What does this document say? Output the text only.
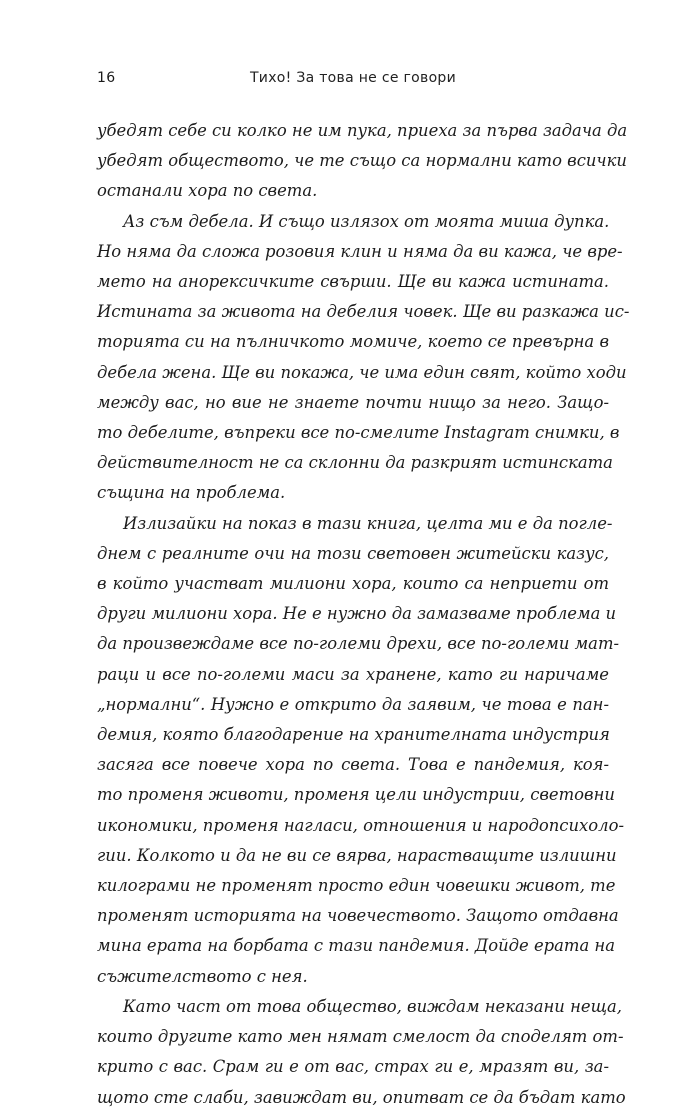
16	Тихо! За това не се говори

убедят себе си колко не им пука, приеха за първа задача да
убедят обществото, че те също са нормални като всички
останали хора по света.

Аз съм дебела. И също излязох от моята миша дупка.
Но няма да сложа розовия клин и няма да ви кажа, че вре-
мето на анорексичките свърши. Ще ви кажа истината.
Истината за живота на дебелия човек. Ще ви разкажа ис-
торията си на пълничкото момиче, което се превърна в
дебела жена. Ще ви покажа, че има един свят, който ходи
между вас, но вие не знаете почти нищо за него. Защо-
то дебелите, въпреки все по-смелите Instagram снимки, в
действителност не са склонни да разкрият истинската
същина на проблема.

Излизайки на показ в тази книга, целта ми е да погле-
днем с реалните очи на този световен житейски казус,
в който участват милиони хора, които са неприети от
други милиони хора. Не е нужно да замазваме проблема и
да произвеждаме все по-големи дрехи, все по-големи мат-
раци и все по-големи маси за хранене, като ги наричаме
„нормални“. Нужно е открито да заявим, че това е пан-
демия, която благодарение на хранителната индустрия
засяга все повече хора по света. Това е пандемия, коя-
то променя животи, променя цели индустрии, световни
икономики, променя нагласи, отношения и народопсихоло-
гии. Колкото и да не ви се вярва, нарастващите излишни
килограми не променят просто един човешки живот, те
променят историята на човечеството. Защото отдавна
мина ерата на борбата с тази пандемия. Дойде ерата на
съжителството с нея.

Като част от това общество, виждам неказани неща,
които другите като мен нямат смелост да споделят от-
крито с вас. Срам ги е от вас, страх ги е, мразят ви, за-
щото сте слаби, завиждат ви, опитват се да бъдат като
